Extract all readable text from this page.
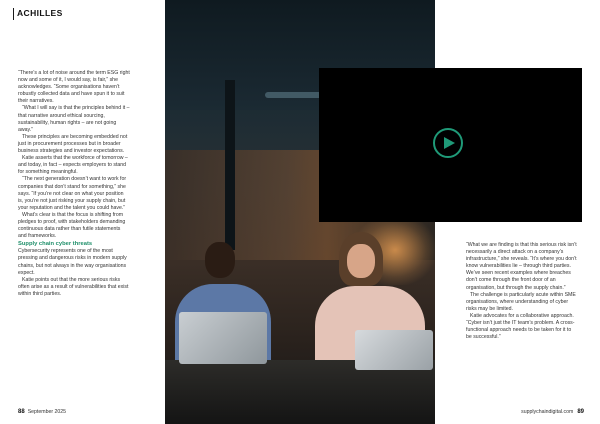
ACHILLES

“There’s a lot of noise around the term ESG right now and some of it, I would say, is fair,” she acknowledges. “Some organisations haven’t robustly collected data and have spun it to suit their narratives.

“What I will say is that the principles behind it – that narrative around ethical sourcing, sustainability, human rights – are not going away.”

These principles are becoming embedded not just in procurement processes but in broader business strategies and investor expectations.

Katie asserts that the workforce of tomorrow – and today, in fact – expects employers to stand for something meaningful.

“The next generation doesn’t want to work for companies that don’t stand for something,” she says. “If you’re not clear on what your position is, you’re not just risking your supply chain, but your reputation and the talent you could have.”

What’s clear is that the focus is shifting from pledges to proof, with stakeholders demanding continuous data rather than futile statements and frameworks.

Supply chain cyber threats

Cybersecurity represents one of the most pressing and dangerous risks in modern supply chains, but not always in the way organisations expect.

Katie points out that the more serious risks often arise as a result of vulnerabilities that exist within third parties.

“What we are finding is that this serious risk isn’t necessarily a direct attack on a company’s infrastructure,” she reveals. “It’s where you don’t know vulnerabilities lie – through third parties. We’ve seen recent examples where breaches don’t come through the front door of an organisation, but through the supply chain.”

The challenge is particularly acute within SME organisations, where understanding of cyber risks may be limited.

Katie advocates for a collaborative approach. “Cyber isn’t just the IT team’s problem. A cross-functional approach needs to be taken for it to be successful.”

88 September 2025	supplychaindigital.com 89
